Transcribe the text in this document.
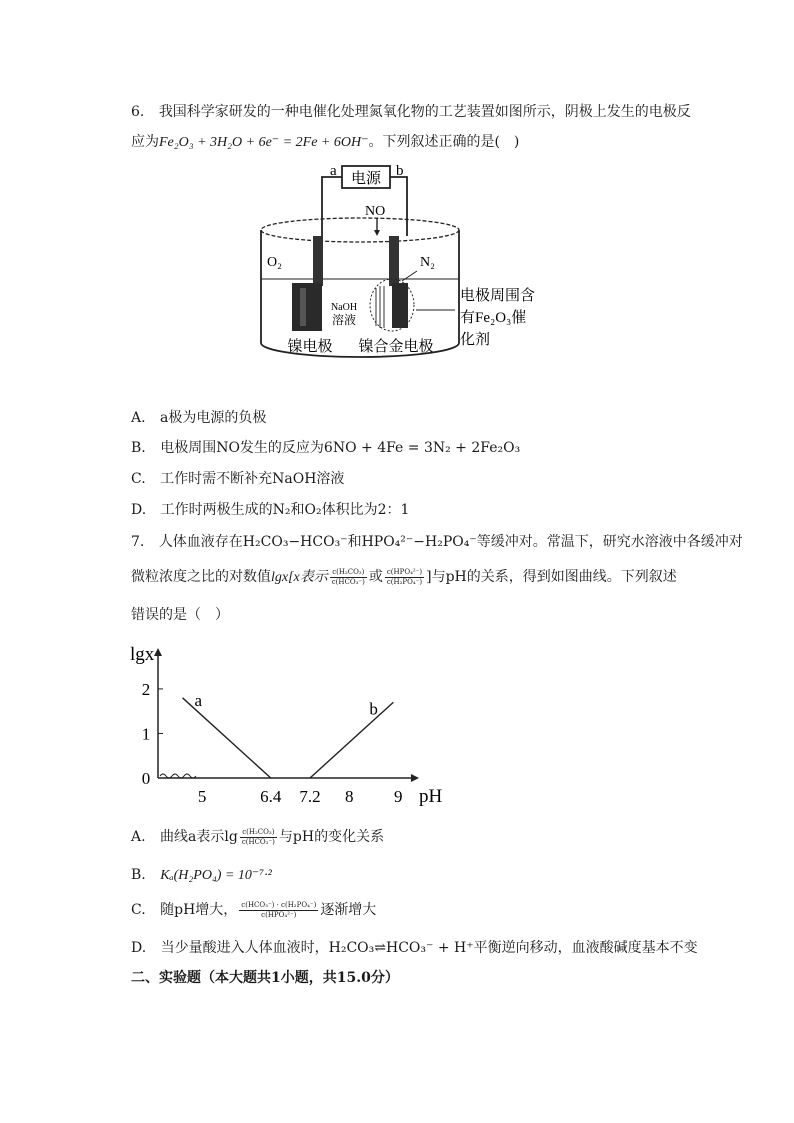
6. 我国科学家研发的一种电催化处理氮氧化物的工艺装置如图所示，阴极上发生的电极反
应为Fe₂O₃ + 3H₂O + 6e⁻ = 2Fe + 6OH⁻。下列叙述正确的是(　)
电源
a	b
NO
O₂	N₂
NaOH
溶液
镍电极 镍合金电极
电极周围含
有Fe₂O₃催
化剂
A. a极为电源的负极
B. 电极周围NO发生的反应为6NO + 4Fe = 3N₂ + 2Fe₂O₃
C. 工作时需不断补充NaOH溶液
D. 工作时两极生成的N₂和O₂体积比为2：1
7. 人体血液存在H₂CO₃−HCO₃⁻和HPO₄²⁻−H₂PO₄⁻等缓冲对。常温下，研究水溶液中各缓冲对
微粒浓度之比的对数值lgx[x表示 $\frac{\text{c(H₂CO₃)}}{\text{c(HCO₃⁻)}}$ 或 $\frac{\text{c(HPO₄²⁻)}}{\text{c(H₂PO₄⁻)}}$ ]与pH的关系，得到如图曲线。下列叙述
错误的是（　）
lgx
pH
0
1
2
5	6.4 7.2 8 9
a	b
A. 曲线a表示$\lg \frac{\text{c(H₂CO₃)}}{\text{c(HCO₃⁻)}}$ 与pH的变化关系
B. Kₐ(H₂PO₄) = 10⁻⁷·²
C. 随pH增大， $\frac{\text{c(HCO₃⁻) · c(H₂PO₄⁻)}}{\text{c(HPO₄²⁻)}}$ 逐渐增大
D. 当少量酸进入人体血液时，H₂CO₃⇌HCO₃⁻ + H⁺平衡逆向移动，血液酸碱度基本不变
二、实验题（本大题共1小题，共15.0分）
